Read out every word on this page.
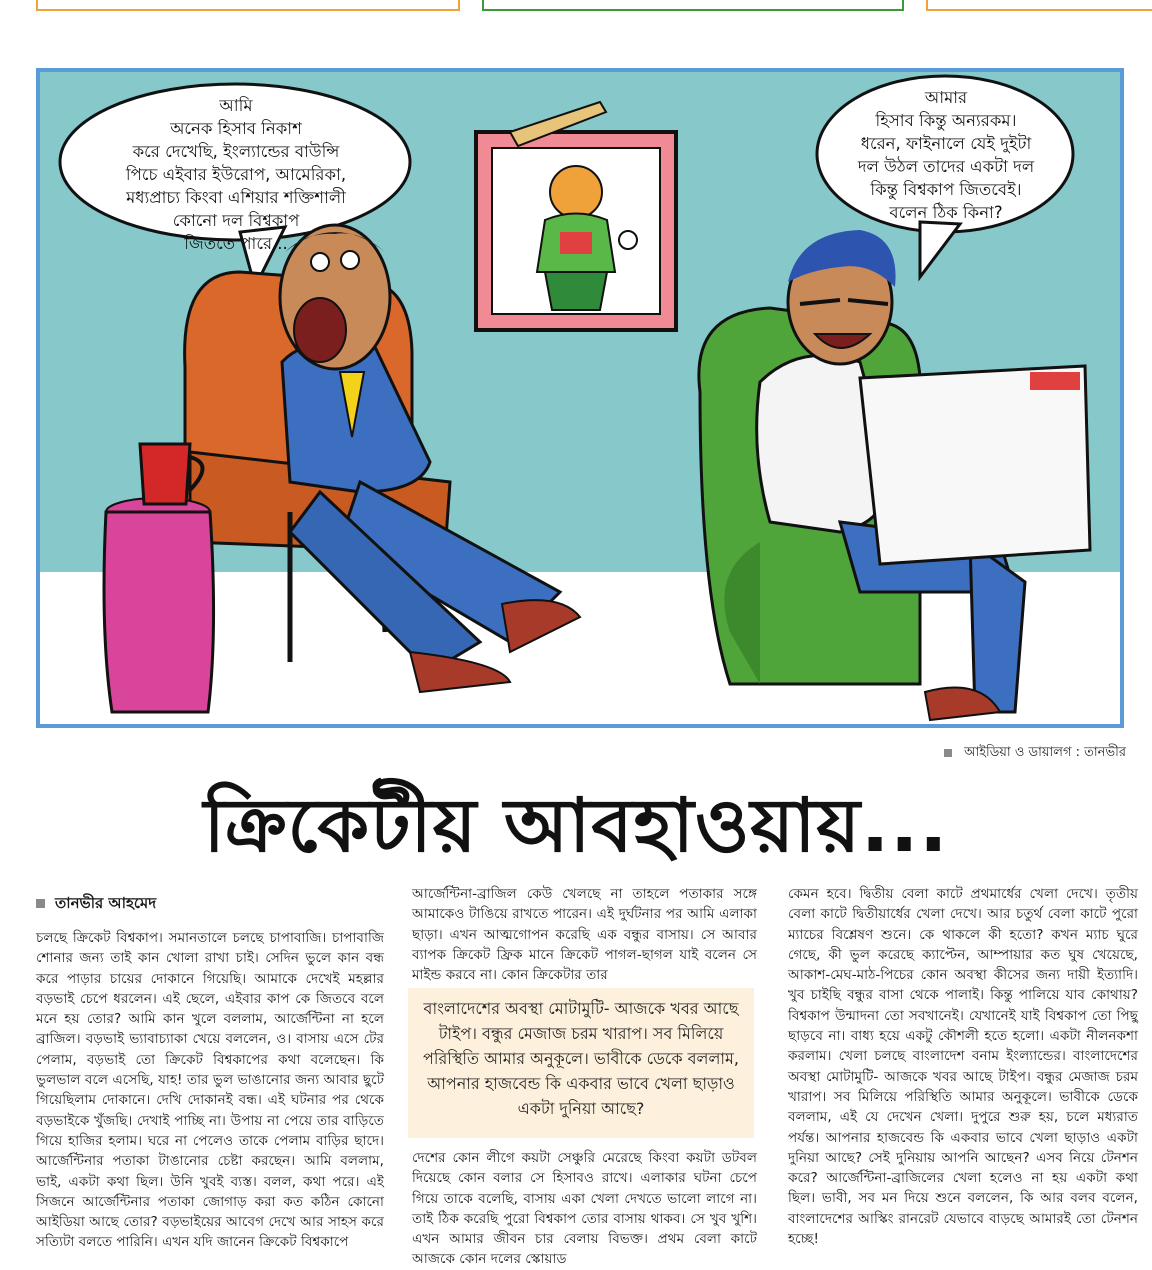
আমি
অনেক হিসাব নিকাশ
করে দেখেছি, ইংল্যান্ডের বাউন্সি
পিচে এইবার ইউরোপ, আমেরিকা,
মধ্যপ্রাচ্য কিংবা এশিয়ার শক্তিশালী
কোনো দল বিশ্বকাপ
জিততে পারে...
আমার
হিসাব কিন্তু অন্যরকম।
ধরেন, ফাইনালে যেই দুইটা
দল উঠল তাদের একটা দল
কিন্তু বিশ্বকাপ জিতবেই।
বলেন ঠিক কিনা?
আইডিয়া ও ডায়ালগ : তানভীর
ক্রিকেটীয় আবহাওয়ায়...
তানভীর আহমেদ

চলছে ক্রিকেট বিশ্বকাপ। সমানতালে চলছে চাপাবাজি। চাপাবাজি শোনার জন্য তাই কান খোলা রাখা চাই। সেদিন ভুলে কান বন্ধ করে পাড়ার চায়ের দোকানে গিয়েছি। আমাকে দেখেই মহল্লার বড়ভাই চেপে ধরলেন। এই ছেলে, এইবার কাপ কে জিতবে বলে মনে হয় তোর? আমি কান খুলে বললাম, আর্জেন্টিনা না হলে ব্রাজিল। বড়ভাই ভ্যাবাচ্যাকা খেয়ে বললেন, ও। বাসায় এসে টের পেলাম, বড়ভাই তো ক্রিকেট বিশ্বকাপের কথা বলেছেন। কি ভুলভাল বলে এসেছি, যাহ! তার ভুল ভাঙানোর জন্য আবার ছুটে গিয়েছিলাম দোকানে। দেখি দোকানই বন্ধ। এই ঘটনার পর থেকে বড়ভাইকে খুঁজছি। দেখাই পাচ্ছি না। উপায় না পেয়ে তার বাড়িতে গিয়ে হাজির হলাম। ঘরে না পেলেও তাকে পেলাম বাড়ির ছাদে। আর্জেন্টিনার পতাকা টাঙানোর চেষ্টা করছেন। আমি বললাম, ভাই, একটা কথা ছিল। উনি খুবই ব্যস্ত। বলল, কথা পরে। এই সিজনে আর্জেন্টিনার পতাকা জোগাড় করা কত কঠিন কোনো আইডিয়া আছে তোর? বড়ভাইয়ের আবেগ দেখে আর সাহস করে সত্যিটা বলতে পারিনি। এখন যদি জানেন ক্রিকেট বিশ্বকাপে

আর্জেন্টিনা-ব্রাজিল কেউ খেলছে না তাহলে পতাকার সঙ্গে আমাকেও টাঙিয়ে রাখতে পারেন। এই দুর্ঘটনার পর আমি এলাকা ছাড়া। এখন আত্মগোপন করেছি এক বন্ধুর বাসায়। সে আবার ব্যাপক ক্রিকেট ফ্রিক মানে ক্রিকেট পাগল-ছাগল যাই বলেন সে মাইন্ড করবে না। কোন ক্রিকেটার তার

বাংলাদেশের অবস্থা মোটামুটি- আজকে খবর আছে টাইপ। বন্ধুর মেজাজ চরম খারাপ। সব মিলিয়ে পরিস্থিতি আমার অনুকূলে। ভাবীকে ডেকে বললাম, আপনার হাজবেন্ড কি একবার ভাবে খেলা ছাড়াও একটা দুনিয়া আছে?

দেশের কোন লীগে কয়টা সেঞ্চুরি মেরেছে কিংবা কয়টা ডটবল দিয়েছে কোন বলার সে হিসাবও রাখে। এলাকার ঘটনা চেপে গিয়ে তাকে বলেছি, বাসায় একা খেলা দেখতে ভালো লাগে না। তাই ঠিক করেছি পুরো বিশ্বকাপ তোর বাসায় থাকব। সে খুব খুশি। এখন আমার জীবন চার বেলায় বিভক্ত। প্রথম বেলা কাটে আজকে কোন দলের স্কোয়াড

কেমন হবে। দ্বিতীয় বেলা কাটে প্রথমার্ধের খেলা দেখে। তৃতীয় বেলা কাটে দ্বিতীয়ার্ধের খেলা দেখে। আর চতুর্থ বেলা কাটে পুরো ম্যাচের বিশ্লেষণ শুনে। কে থাকলে কী হতো? কখন ম্যাচ ঘুরে গেছে, কী ভুল করেছে ক্যাপ্টেন, আম্পায়ার কত ঘুষ খেয়েছে, আকাশ-মেঘ-মাঠ-পিচের কোন অবস্থা কীসের জন্য দায়ী ইত্যাদি। খুব চাইছি বন্ধুর বাসা থেকে পালাই। কিন্তু পালিয়ে যাব কোথায়? বিশ্বকাপ উন্মাদনা তো সবখানেই। যেখানেই যাই বিশ্বকাপ তো পিছু ছাড়বে না। বাধ্য হয়ে একটু কৌশলী হতে হলো। একটা নীলনকশা করলাম। খেলা চলছে বাংলাদেশ বনাম ইংল্যান্ডের। বাংলাদেশের অবস্থা মোটামুটি- আজকে খবর আছে টাইপ। বন্ধুর মেজাজ চরম খারাপ। সব মিলিয়ে পরিস্থিতি আমার অনুকূলে। ভাবীকে ডেকে বললাম, এই যে দেখেন খেলা। দুপুরে শুরু হয়, চলে মধ্যরাত পর্যন্ত। আপনার হাজবেন্ড কি একবার ভাবে খেলা ছাড়াও একটা দুনিয়া আছে? সেই দুনিয়ায় আপনি আছেন? এসব নিয়ে টেনশন করে? আর্জেন্টিনা-ব্রাজিলের খেলা হলেও না হয় একটা কথা ছিল। ভাবী, সব মন দিয়ে শুনে বললেন, কি আর বলব বলেন, বাংলাদেশের আস্কিং রানরেট যেভাবে বাড়ছে আমারই তো টেনশন হচ্ছে!
